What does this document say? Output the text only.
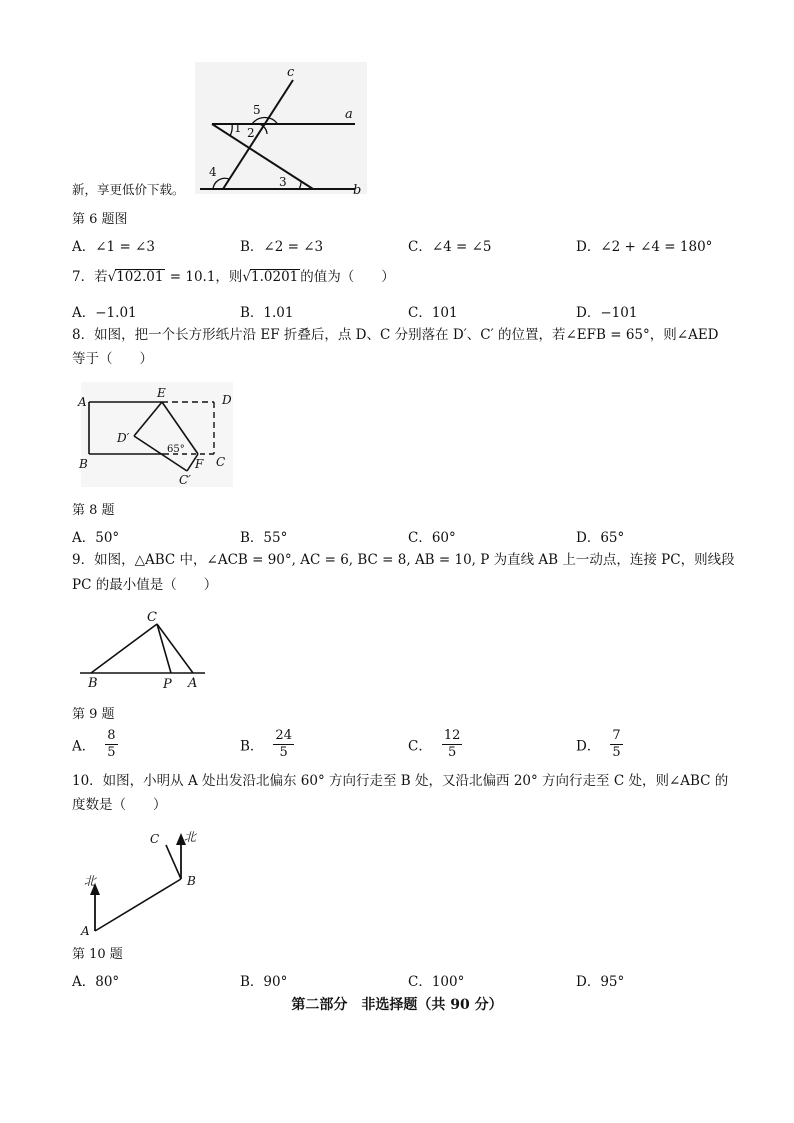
c
a
b
5
1 2
4
3
新，享更低价下载。
第 6 题图
A．∠1 = ∠3	B．∠2 = ∠3	C．∠4 = ∠5	D．∠2 + ∠4 = 180°
7．若√102.01 = 10.1，则√1.0201 的值为（　　）
A．−1.01	B．1.01	C．101	D．−101
8．如图，把一个长方形纸片沿 EF 折叠后，点 D、C 分别落在 D′、C′ 的位置，若∠EFB = 65°，则∠AED
等于（　　）
A
E	D
D′
65°
B	F C
C′
第 8 题
A．50°	B．55°	C．60°	D．65°
9．如图，△ABC 中，∠ACB = 90°, AC = 6, BC = 8, AB = 10, P 为直线 AB 上一动点，连接 PC，则线段
PC 的最小值是（　　）
C
B	P A
第 9 题
A． $\frac{8}{5}$	B． $\frac{24}{5}$	C． $\frac{12}{5}$	D． $\frac{7}{5}$
10．如图，小明从 A 处出发沿北偏东 60° 方向行走至 B 处，又沿北偏西 20° 方向行走至 C 处，则∠ABC 的
度数是（　　）
C 北
B
北
A
第 10 题
A．80°	B．90°	C．100°	D．95°
第二部分　非选择题（共 90 分）
